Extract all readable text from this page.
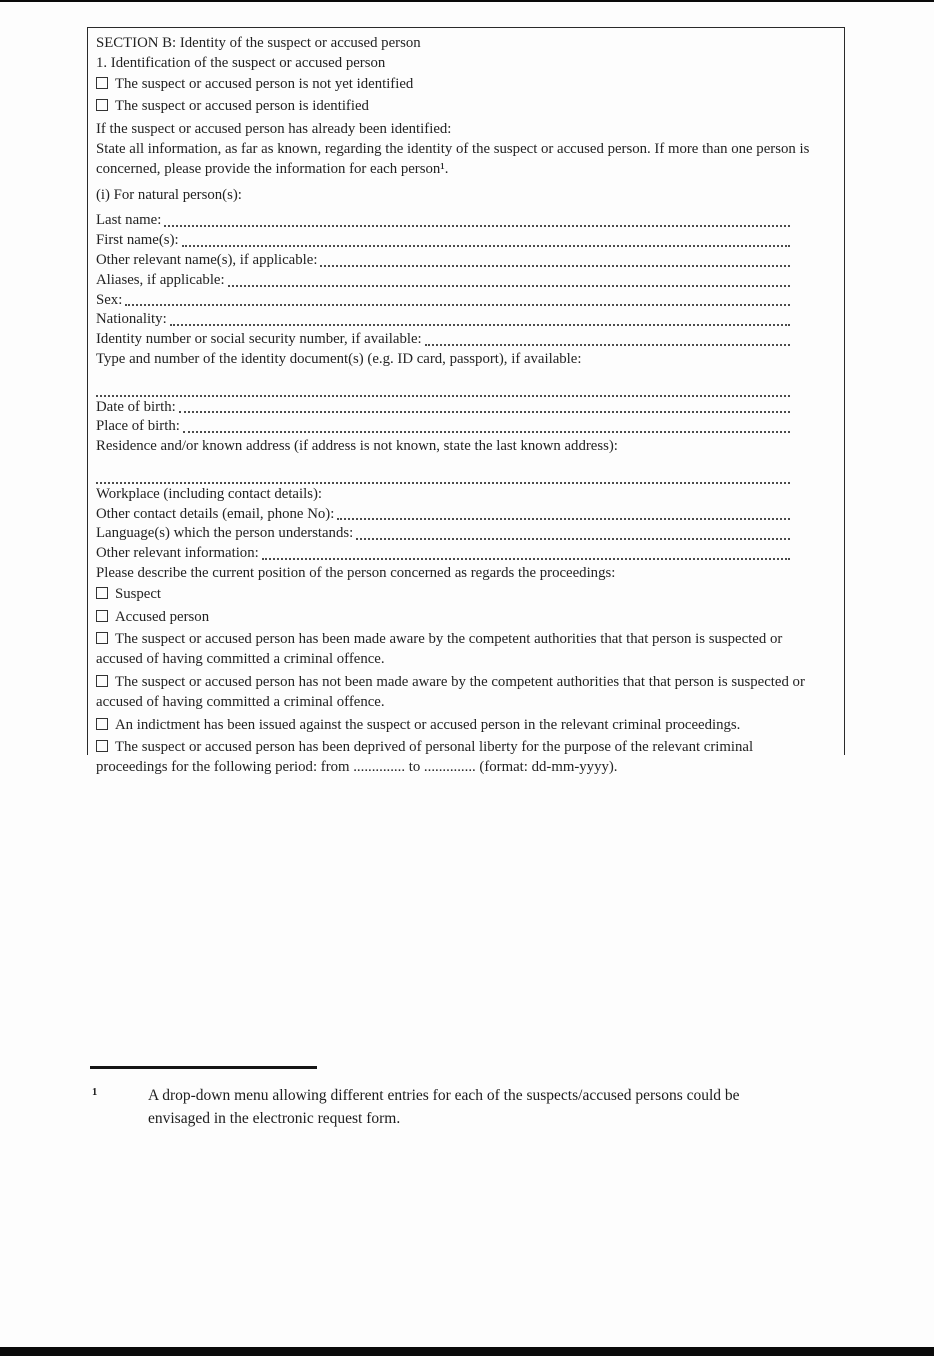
SECTION B: Identity of the suspect or accused person
1. Identification of the suspect or accused person
The suspect or accused person is not yet identified
The suspect or accused person is identified
If the suspect or accused person has already been identified:
State all information, as far as known, regarding the identity of the suspect or accused person. If more than one person is concerned, please provide the information for each person¹.
(i) For natural person(s):
Last name:
First name(s):
Other relevant name(s), if applicable:
Aliases, if applicable:
Sex:
Nationality:
Identity number or social security number, if available:
Type and number of the identity document(s) (e.g. ID card, passport), if available:
Date of birth:
Place of birth:
Residence and/or known address (if address is not known, state the last known address):
Workplace (including contact details):
Other contact details (email, phone No):
Language(s) which the person understands:
Other relevant information:
Please describe the current position of the person concerned as regards the proceedings:
Suspect
Accused person
The suspect or accused person has been made aware by the competent authorities that that person is suspected or accused of having committed a criminal offence.
The suspect or accused person has not been made aware by the competent authorities that that person is suspected or accused of having committed a criminal offence.
An indictment has been issued against the suspect or accused person in the relevant criminal proceedings.
The suspect or accused person has been deprived of personal liberty for the purpose of the relevant criminal proceedings for the following period: from .............. to .............. (format: dd-mm-yyyy).
1	A drop-down menu allowing different entries for each of the suspects/accused persons could be envisaged in the electronic request form.
